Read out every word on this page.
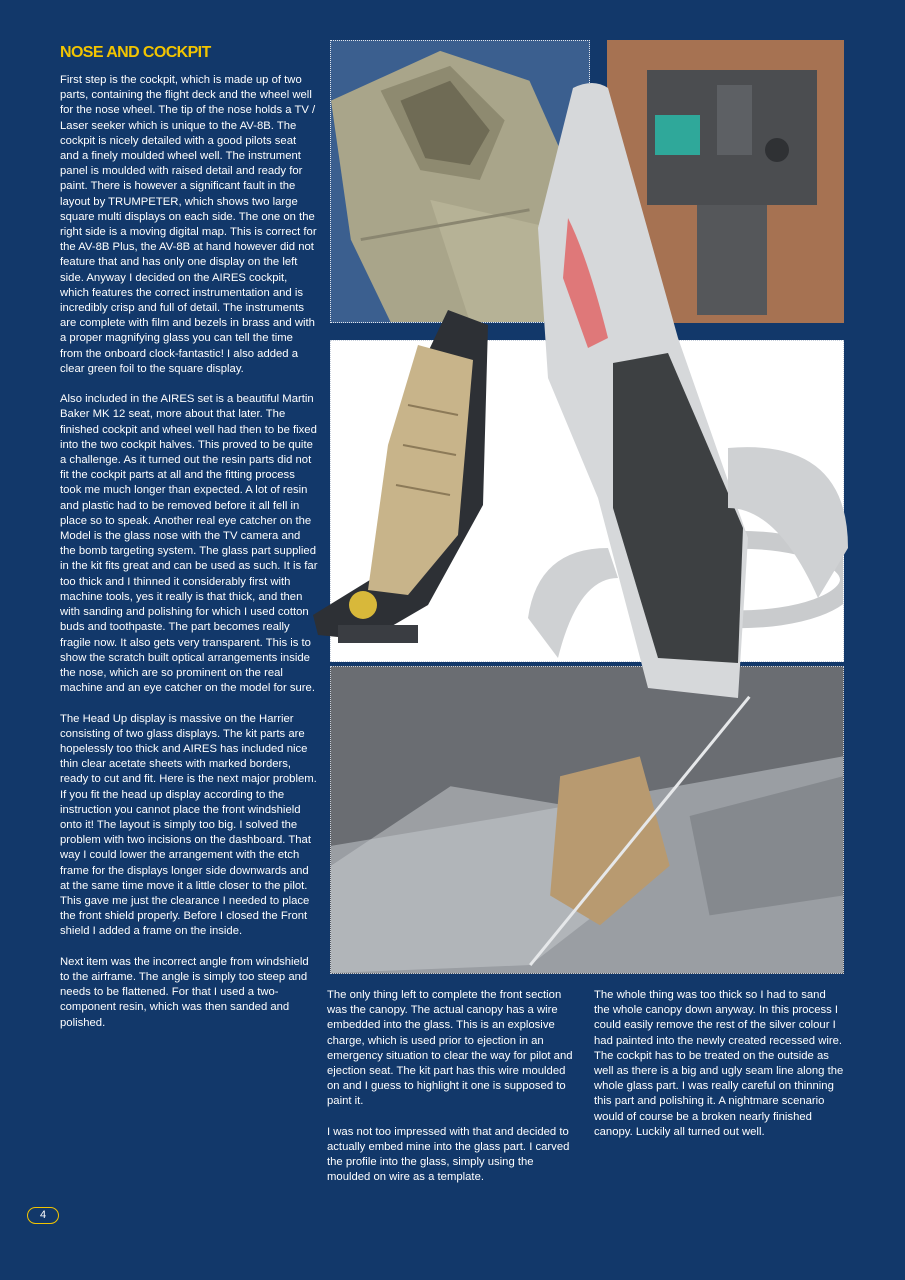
NOSE AND COCKPIT

First step is the cockpit, which is made up of two parts, containing the flight deck and the wheel well for the nose wheel. The tip of the nose holds a TV / Laser seeker which is unique to the AV-8B. The cockpit is nicely detailed with a good pilots seat and a finely moulded wheel well. The instrument panel is moulded with raised detail and ready for paint. There is however a significant fault in the layout by TRUMPETER, which shows two large square multi displays on each side. The one on the right side is a moving digital map. This is correct for the AV-8B Plus, the AV-8B at hand however did not feature that and has only one display on the left side. Anyway I decided on the AIRES cockpit, which features the correct instrumentation and is incredibly crisp and full of detail. The instruments are complete with film and bezels in brass and with a proper magnifying glass you can tell the time from the onboard clock-fantastic! I also added a clear green foil to the square display.

Also included in the AIRES set is a beautiful Martin Baker MK 12 seat, more about that later. The finished cockpit and wheel well had then to be fixed into the two cockpit halves. This proved to be quite a challenge. As it turned out the resin parts did not fit the cockpit parts at all and the fitting process took me much longer than expected. A lot of resin and plastic had to be removed before it all fell in place so to speak. Another real eye catcher on the Model is the glass nose with the TV camera and the bomb targeting system. The glass part supplied in the kit fits great and can be used as such. It is far too thick and I thinned it considerably first with machine tools, yes it really is that thick, and then with sanding and polishing for which I used cotton buds and toothpaste. The part becomes really fragile now. It also gets very transparent. This is to show the scratch built optical arrangements inside the nose, which are so prominent on the real machine and an eye catcher on the model for sure.

The Head Up display is massive on the Harrier consisting of two glass displays. The kit parts are hopelessly too thick and AIRES has included nice thin clear acetate sheets with marked borders, ready to cut and fit. Here is the next major problem. If you fit the head up display according to the instruction you cannot place the front windshield onto it! The layout is simply too big. I solved the problem with two incisions on the dashboard. That way I could lower the arrangement with the etch frame for the displays longer side downwards and at the same time move it a little closer to the pilot. This gave me just the clearance I needed to place the front shield properly. Before I closed the Front shield I added a frame on the inside.

Next item was the incorrect angle from windshield to the airframe. The angle is simply too steep and needs to be flattened. For that I used a two-component resin, which was then sanded and polished.

The only thing left to complete the front section was the canopy. The actual canopy has a wire embedded into the glass. This is an explosive charge, which is used prior to ejection in an emergency situation to clear the way for pilot and ejection seat. The kit part has this wire moulded on and I guess to highlight it one is supposed to paint it.

I was not too impressed with that and decided to actually embed mine into the glass part. I carved the profile into the glass, simply using the moulded on wire as a template.

The whole thing was too thick so I had to sand the whole canopy down anyway. In this process I could easily remove the rest of the silver colour I had painted into the newly created recessed wire. The cockpit has to be treated on the outside as well as there is a big and ugly seam line along the whole glass part. I was really careful on thinning this part and polishing it. A nightmare scenario would of course be a broken nearly finished canopy. Luckily all turned out well.

4
